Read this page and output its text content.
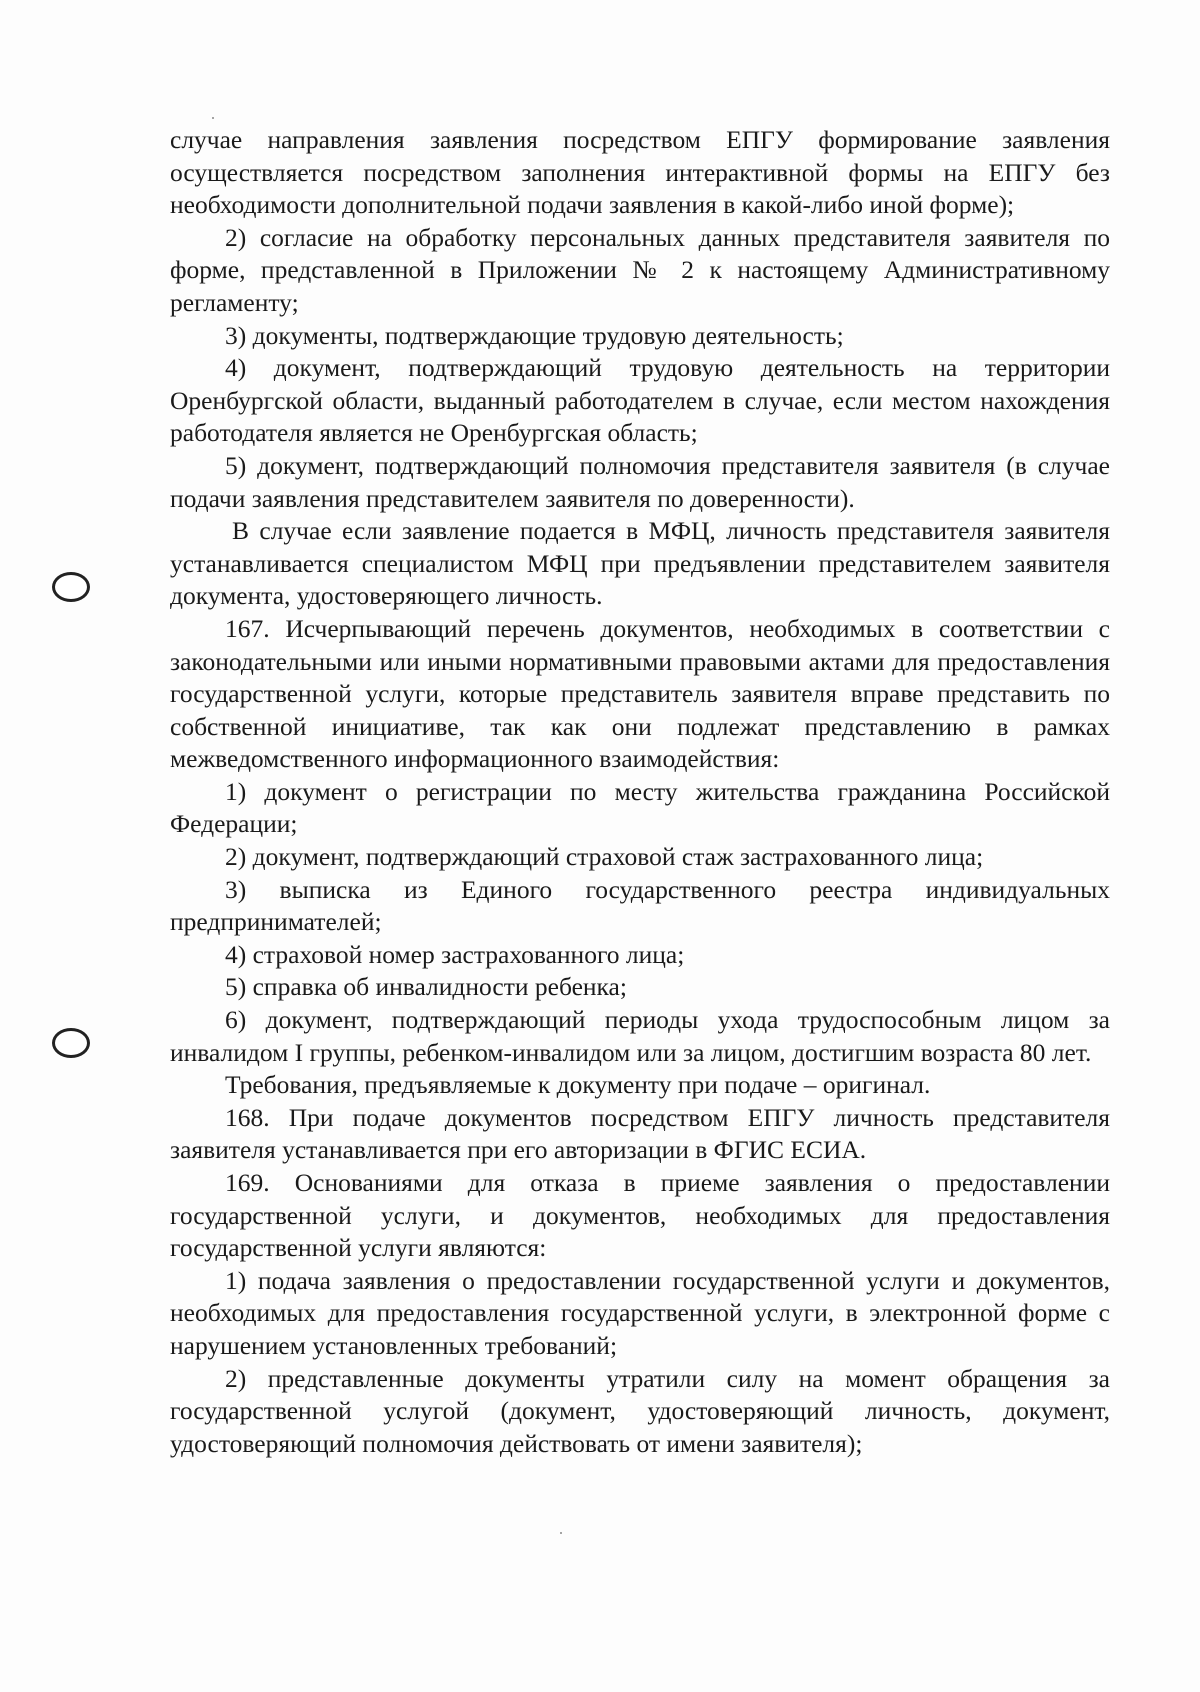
случае направления заявления посредством ЕПГУ формирование заявления осуществляется посредством заполнения интерактивной формы на ЕПГУ без необходимости дополнительной подачи заявления в какой-либо иной форме);

2) согласие на обработку персональных данных представителя заявителя по форме, представленной в Приложении № 2 к настоящему Административному регламенту;

3) документы, подтверждающие трудовую деятельность;

4) документ, подтверждающий трудовую деятельность на территории Оренбургской области, выданный работодателем в случае, если местом нахождения работодателя является не Оренбургская область;

5) документ, подтверждающий полномочия представителя заявителя (в случае подачи заявления представителем заявителя по доверенности).

В случае если заявление подается в МФЦ, личность представителя заявителя устанавливается специалистом МФЦ при предъявлении представителем заявителя документа, удостоверяющего личность.

167. Исчерпывающий перечень документов, необходимых в соответствии с законодательными или иными нормативными правовыми актами для предоставления государственной услуги, которые представитель заявителя вправе представить по собственной инициативе, так как они подлежат представлению в рамках межведомственного информационного взаимодействия:

1) документ о регистрации по месту жительства гражданина Российской Федерации;

2) документ, подтверждающий страховой стаж застрахованного лица;

3) выписка из Единого государственного реестра индивидуальных предпринимателей;

4) страховой номер застрахованного лица;

5) справка об инвалидности ребенка;

6) документ, подтверждающий периоды ухода трудоспособным лицом за инвалидом I группы, ребенком-инвалидом или за лицом, достигшим возраста 80 лет.

Требования, предъявляемые к документу при подаче – оригинал.

168. При подаче документов посредством ЕПГУ личность представителя заявителя устанавливается при его авторизации в ФГИС ЕСИА.

169. Основаниями для отказа в приеме заявления о предоставлении государственной услуги, и документов, необходимых для предоставления государственной услуги являются:

1) подача заявления о предоставлении государственной услуги и документов, необходимых для предоставления государственной услуги, в электронной форме с нарушением установленных требований;

2) представленные документы утратили силу на момент обращения за государственной услугой (документ, удостоверяющий личность, документ, удостоверяющий полномочия действовать от имени заявителя);
